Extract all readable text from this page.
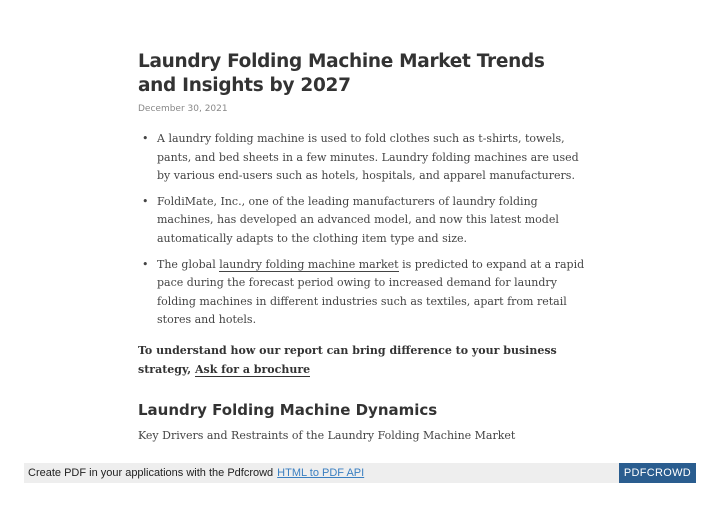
Laundry Folding Machine Market Trends and Insights by 2027
December 30, 2021
• A laundry folding machine is used to fold clothes such as t-shirts, towels, pants, and bed sheets in a few minutes. Laundry folding machines are used by various end-users such as hotels, hospitals, and apparel manufacturers.
• FoldiMate, Inc., one of the leading manufacturers of laundry folding machines, has developed an advanced model, and now this latest model automatically adapts to the clothing item type and size.
• The global laundry folding machine market is predicted to expand at a rapid pace during the forecast period owing to increased demand for laundry folding machines in different industries such as textiles, apart from retail stores and hotels.
To understand how our report can bring difference to your business strategy, Ask for a brochure
Laundry Folding Machine Dynamics
Key Drivers and Restraints of the Laundry Folding Machine Market
Create PDF in your applications with the Pdfcrowd HTML to PDF API	PDFCROWD
